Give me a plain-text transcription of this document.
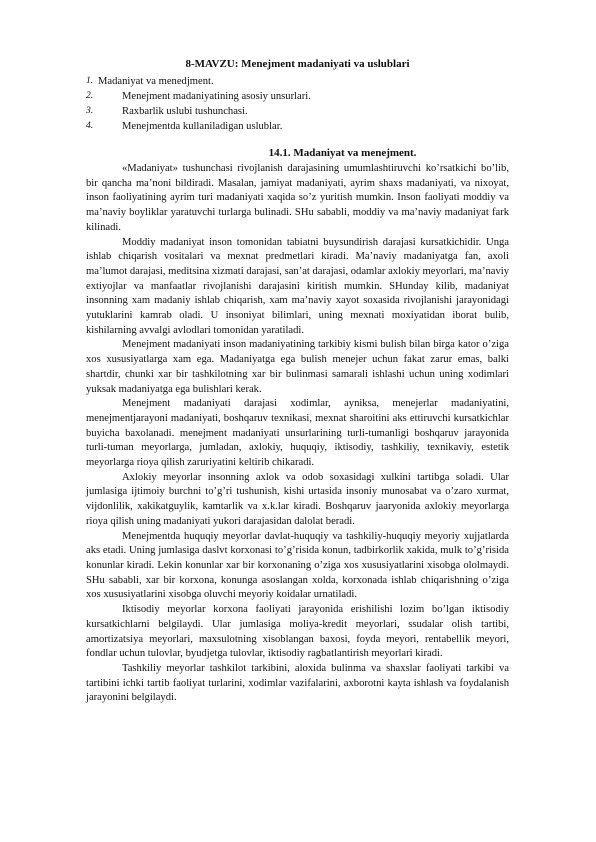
8-MAVZU: Menejment madaniyati va uslublari
1. Madaniyat va menedjment.
2.	Menejment madaniyatining asosiy unsurlari.
3.	Raxbarlik uslubi tushunchasi.
4.	Menejmentda kullaniladigan uslublar.
14.1. Madaniyat va menejment.

«Madaniyat» tushunchasi rivojlanish darajasining umumlashtiruvchi ko’rsatkichi bo’lib, bir qancha ma’noni bildiradi. Masalan, jamiyat madaniyati, ayrim shaxs madaniyati, va nixoyat, inson faoliyatining ayrim turi madaniyati xaqida so’z yuritish mumkin. Inson faoliyati moddiy va ma’naviy boyliklar yaratuvchi turlarga bulinadi. SHu sababli, moddiy va ma’naviy madaniyat fark kilinadi.

Moddiy madaniyat inson tomonidan tabiatni buysundirish darajasi kursatkichidir. Unga ishlab chiqarish vositalari va mexnat predmetlari kiradi. Ma’naviy madaniyatga fan, axoli ma’lumot darajasi, meditsina xizmati darajasi, san’at darajasi, odamlar axlokiy meyorlari, ma’naviy extiyojlar va manfaatlar rivojlanishi darajasini kiritish mumkin. SHunday kilib, madaniyat insonning xam madaniy ishlab chiqarish, xam ma’naviy xayot soxasida rivojlanishi jarayonidagi yutuklarini kamrab oladi. U insoniyat bilimlari, uning mexnati moxiyatidan iborat bulib, kishilarning avvalgi avlodlari tomonidan yaratiladi.

Menejment madaniyati inson madaniyatining tarkibiy kismi bulish bilan birga kator o’ziga xos xususiyatlarga xam ega. Madaniyatga ega bulish menejer uchun fakat zarur emas, balki shartdir, chunki xar bir tashkilotning xar bir bulinmasi samarali ishlashi uchun uning xodimlari yuksak madaniyatga ega bulishlari kerak.

Menejment madaniyati darajasi xodimlar, ayniksa, menejerlar madaniyatini, menejmentjarayoni madaniyati, boshqaruv texnikasi, mexnat sharoitini aks ettiruvchi kursatkichlar buyicha baxolanadi. menejment madaniyati unsurlarining turli-tumanligi boshqaruv jarayonida turli-tuman meyorlarga, jumladan, axlokiy, huquqiy, iktisodiy, tashkiliy, texnikaviy, estetik meyorlarga rioya qilish zaruriyatini keltirib chikaradi.

Axlokiy meyorlar insonning axlok va odob soxasidagi xulkini tartibga soladi. Ular jumlasiga ijtimoiy burchni to’g’ri tushunish, kishi urtasida insoniy munosabat va o’zaro xurmat, vijdonlilik, xakikatguylik, kamtarlik va x.k.lar kiradi. Boshqaruv jaaryonida axlokiy meyorlarga rioya qilish uning madaniyati yukori darajasidan dalolat beradi.

Menejmentda huquqiy meyorlar davlat-huquqiy va tashkiliy-huquqiy meyoriy xujjatlarda aks etadi. Uning jumlasiga daslvt korxonasi to’g’risida konun, tadbirkorlik xakida, mulk to’g’risida konunlar kiradi. Lekin konunlar xar bir korxonaning o’ziga xos xususiyatlarini xisobga ololmaydi. SHu sababli, xar bir korxona, konunga asoslangan xolda, korxonada ishlab chiqarishning o’ziga xos xususiyatlarini xisobga oluvchi meyoriy koidalar urnatiladi.

Iktisodiy meyorlar korxona faoliyati jarayonida erishilishi lozim bo’lgan iktisodiy kursatkichlarni belgilaydi. Ular jumlasiga moliya-kredit meyorlari, ssudalar olish tartibi, amortizatsiya meyorlari, maxsulotning xisoblangan baxosi, foyda meyori, rentabellik meyori, fondlar uchun tulovlar, byudjetga tulovlar, iktisodiy ragbatlantirish meyorlari kiradi.

Tashkiliy meyorlar tashkilot tarkibini, aloxida bulinma va shaxslar faoliyati tarkibi va tartibini ichki tartib faoliyat turlarini, xodimlar vazifalarini, axborotni kayta ishlash va foydalanish jarayonini belgilaydi.
